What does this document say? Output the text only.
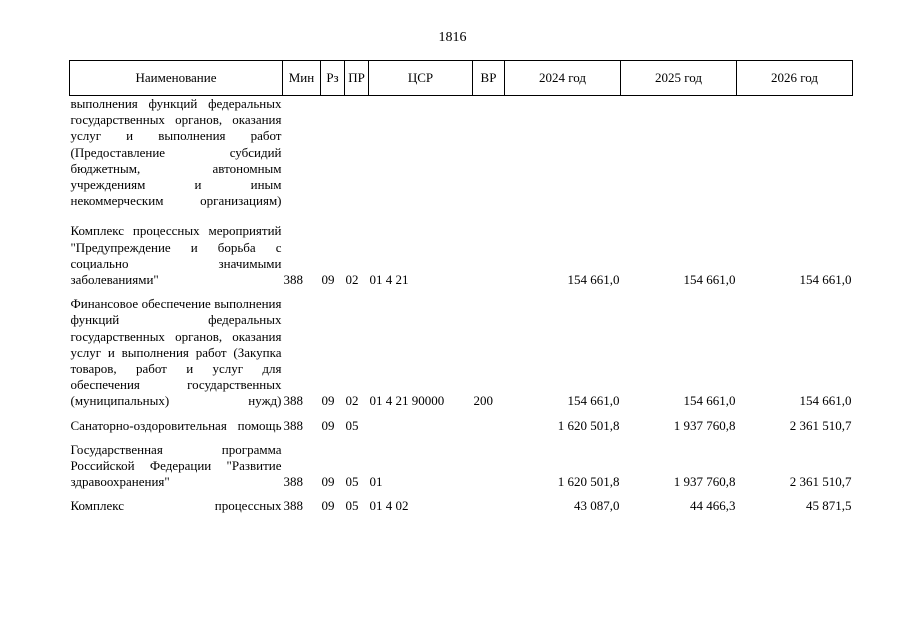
1816
Наименование	Мин	Рз	ПР	ЦСР	ВР	2024 год	2025 год	2026 год
выполнения функций федеральных государственных органов, оказания услуг и выполнения работ (Предоставление субсидий бюджетным, автономным учреждениям и иным некоммерческим организациям)								
Комплекс процессных мероприятий "Предупреждение и борьба с социально значимыми заболеваниями"	388	09	02	01 4 21		154 661,0	154 661,0	154 661,0
Финансовое обеспечение выполнения функций федеральных государственных органов, оказания услуг и выполнения работ (Закупка товаров, работ и услуг для обеспечения государственных (муниципальных) нужд)	388	09	02	01 4 21 90000	200	154 661,0	154 661,0	154 661,0
Санаторно-оздоровительная помощь	388	09	05			1 620 501,8	1 937 760,8	2 361 510,7
Государственная программа Российской Федерации "Развитие здравоохранения"	388	09	05	01		1 620 501,8	1 937 760,8	2 361 510,7
Комплекс процессных	388	09	05	01 4 02		43 087,0	44 466,3	45 871,5
